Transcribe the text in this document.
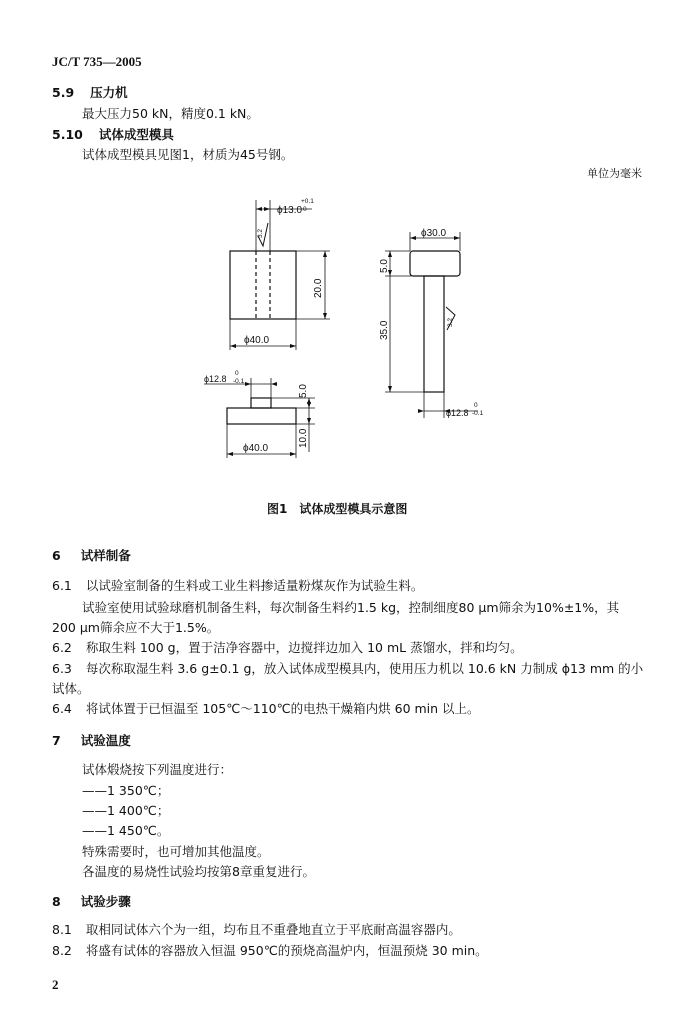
JC/T 735—2005
5.9 压力机
最大压力50 kN，精度0.1 kN。
5.10 试体成型模具
试体成型模具见图1，材质为45号钢。
单位为毫米
ϕ13.0
+0.1
0
3.2
20.0
ϕ40.0
ϕ12.8
0
-0.1
5.0
10.0
ϕ40.0
ϕ30.0
5.0
35.0	3.2
ϕ12.8
0
-0.1
图1　试体成型模具示意图
6 试样制备
6.1 以试验室制备的生料或工业生料掺适量粉煤灰作为试验生料。
试验室使用试验球磨机制备生料，每次制备生料约1.5 kg，控制细度80 μm筛余为10%±1%，其
200 μm筛余应不大于1.5%。
6.2 称取生料 100 g，置于洁净容器中，边搅拌边加入 10 mL 蒸馏水，拌和均匀。
6.3 每次称取湿生料 3.6 g±0.1 g，放入试体成型模具内，使用压力机以 10.6 kN 力制成 ϕ13 mm 的小
试体。
6.4 将试体置于已恒温至 105℃～110℃的电热干燥箱内烘 60 min 以上。
7 试验温度
试体煅烧按下列温度进行：
——1 350℃；
——1 400℃；
——1 450℃。
特殊需要时，也可增加其他温度。
各温度的易烧性试验均按第8章重复进行。
8 试验步骤
8.1 取相同试体六个为一组，均布且不重叠地直立于平底耐高温容器内。
8.2 将盛有试体的容器放入恒温 950℃的预烧高温炉内，恒温预烧 30 min。
2
